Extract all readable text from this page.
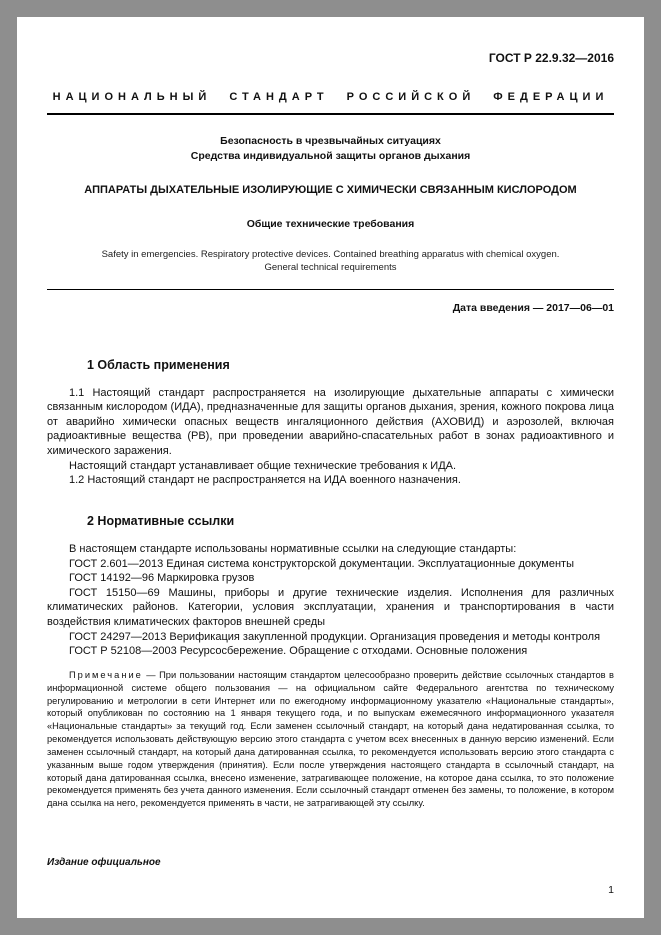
ГОСТ Р 22.9.32—2016
НАЦИОНАЛЬНЫЙ СТАНДАРТ РОССИЙСКОЙ ФЕДЕРАЦИИ
Безопасность в чрезвычайных ситуациях
Средства индивидуальной защиты органов дыхания
АППАРАТЫ ДЫХАТЕЛЬНЫЕ ИЗОЛИРУЮЩИЕ С ХИМИЧЕСКИ СВЯЗАННЫМ КИСЛОРОДОМ
Общие технические требования
Safety in emergencies. Respiratory protective devices. Contained breathing apparatus with chemical oxygen.
General technical requirements
Дата введения — 2017—06—01
1 Область применения

1.1 Настоящий стандарт распространяется на изолирующие дыхательные аппараты с химически связанным кислородом (ИДА), предназначенные для защиты органов дыхания, зрения, кожного покрова лица от аварийно химически опасных веществ ингаляционного действия (АХОВИД) и аэрозолей, включая радиоактивные вещества (РВ), при проведении аварийно-спасательных работ в зонах радиоактивного и химического заражения.

Настоящий стандарт устанавливает общие технические требования к ИДА.

1.2 Настоящий стандарт не распространяется на ИДА военного назначения.

2 Нормативные ссылки

В настоящем стандарте использованы нормативные ссылки на следующие стандарты:

ГОСТ 2.601—2013 Единая система конструкторской документации. Эксплуатационные документы

ГОСТ 14192—96 Маркировка грузов

ГОСТ 15150—69 Машины, приборы и другие технические изделия. Исполнения для различных климатических районов. Категории, условия эксплуатации, хранения и транспортирования в части воздействия климатических факторов внешней среды

ГОСТ 24297—2013 Верификация закупленной продукции. Организация проведения и методы контроля

ГОСТ Р 52108—2003 Ресурсосбережение. Обращение с отходами. Основные положения

Примечание — При пользовании настоящим стандартом целесообразно проверить действие ссылочных стандартов в информационной системе общего пользования — на официальном сайте Федерального агентства по техническому регулированию и метрологии в сети Интернет или по ежегодному информационному указателю «Национальные стандарты», который опубликован по состоянию на 1 января текущего года, и по выпускам ежемесячного информационного указателя «Национальные стандарты» за текущий год. Если заменен ссылочный стандарт, на который дана недатированная ссылка, то рекомендуется использовать действующую версию этого стандарта с учетом всех внесенных в данную версию изменений. Если заменен ссылочный стандарт, на который дана датированная ссылка, то рекомендуется использовать версию этого стандарта с указанным выше годом утверждения (принятия). Если после утверждения настоящего стандарта в ссылочный стандарт, на который дана датированная ссылка, внесено изменение, затрагивающее положение, на которое дана ссылка, то это положение рекомендуется применять без учета данного изменения. Если ссылочный стандарт отменен без замены, то положение, в котором дана ссылка на него, рекомендуется применять в части, не затрагивающей эту ссылку.

Издание официальное
1
